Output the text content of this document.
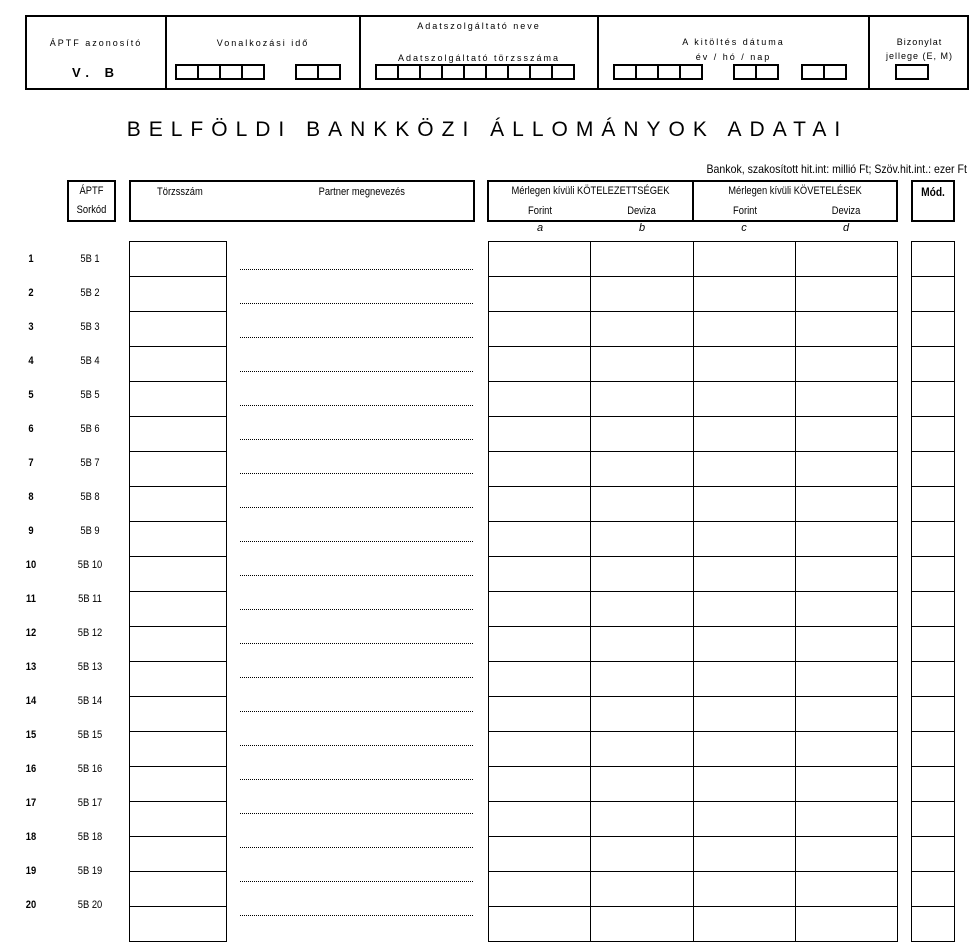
ÁPTF azonosító
V. B
Vonalkozási idő
Adatszolgáltató neve
Adatszolgáltató törzsszáma
A kitöltés dátuma
év / hó / nap
Bizonylat
jellege (E, M)
BELFÖLDI BANKKÖZI ÁLLOMÁNYOK ADATAI
Bankok, szakosított hit.int: millió Ft; Szöv.hit.int.: ezer Ft
ÁPTF
Sorkód
Törzsszám	Partner megnevezés	Mérlegen kívüli KÖTELEZETTSÉGEK	Mérlegen kívüli KÖVETELÉSEK
Forint	Deviza	Forint	Deviza
a	b	c	d
Mód.
1	5B 1
2	5B 2
3	5B 3
4	5B 4
5	5B 5
6	5B 6
7	5B 7
8	5B 8
9	5B 9
10	5B 10
11	5B 11
12	5B 12
13	5B 13
14	5B 14
15	5B 15
16	5B 16
17	5B 17
18	5B 18
19	5B 19
20	5B 20
